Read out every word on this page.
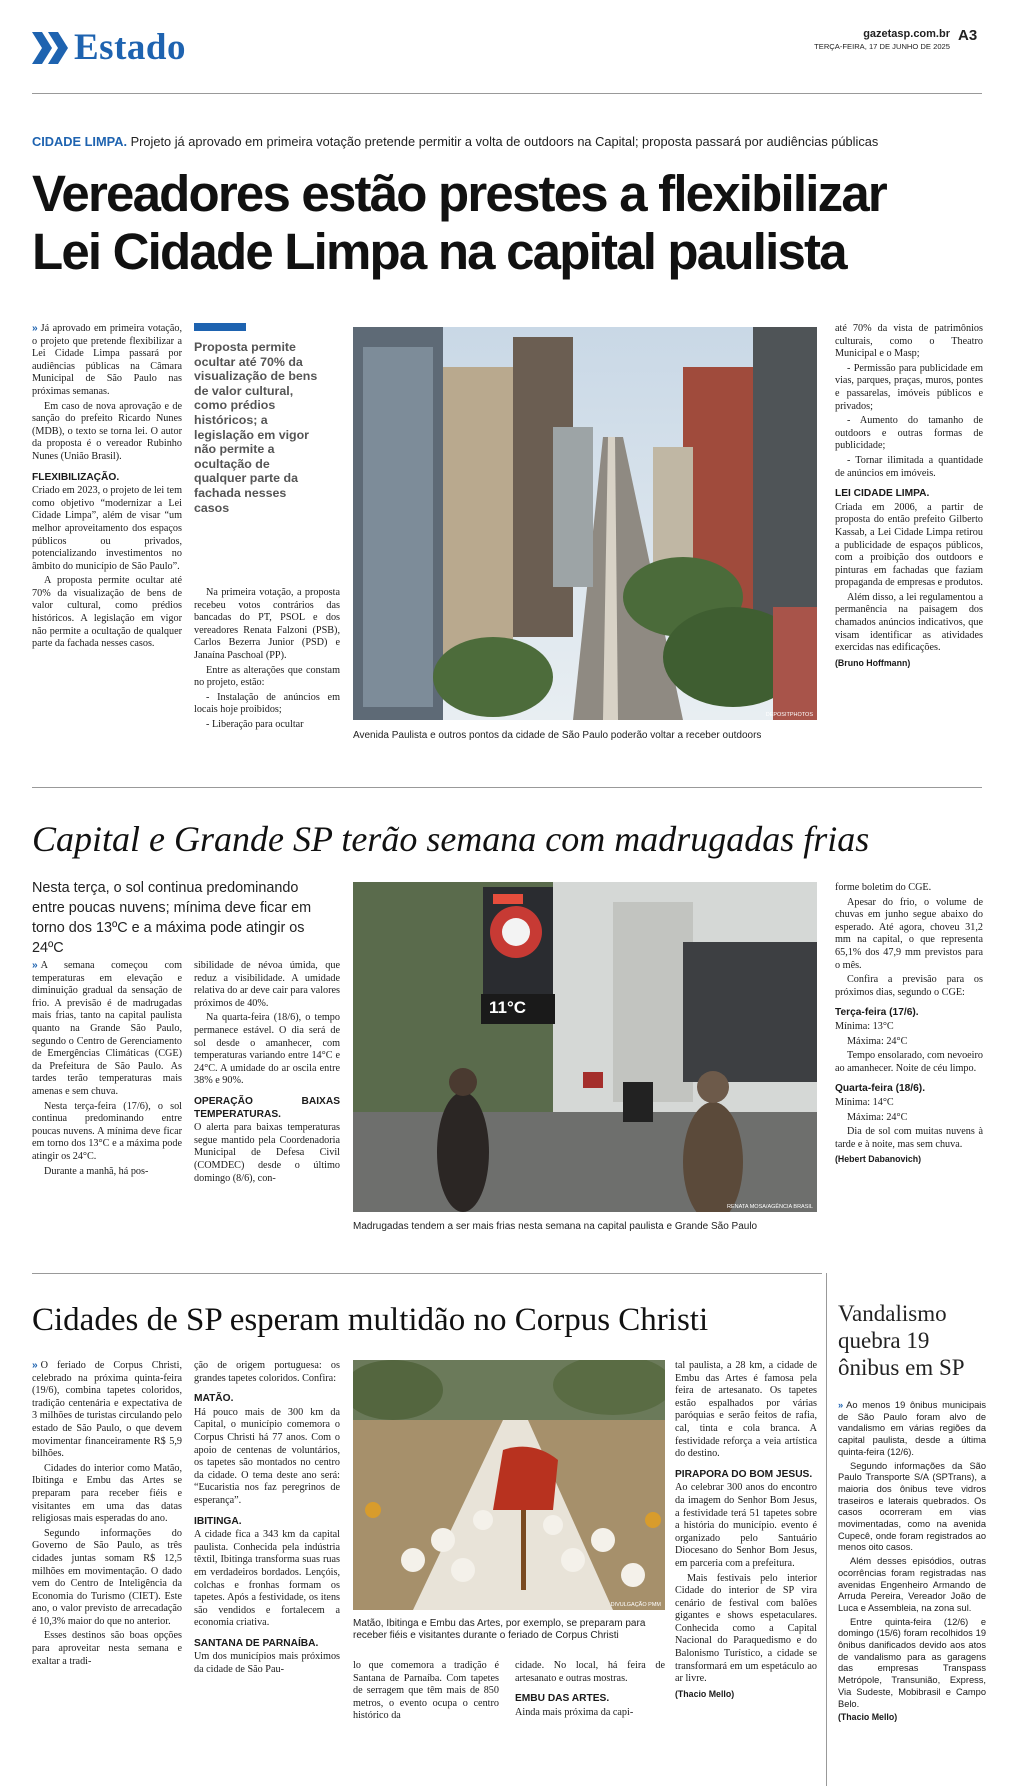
Estado	gazetasp.com.br
TERÇA-FEIRA, 17 DE JUNHO DE 2025
A3
CIDADE LIMPA. Projeto já aprovado em primeira votação pretende permitir a volta de outdoors na Capital; proposta passará por audiências públicas
Vereadores estão prestes a flexibilizar
Lei Cidade Limpa na capital paulista

» Já aprovado em primeira votação, o projeto que pretende flexibilizar a Lei Cidade Limpa passará por audiências públicas na Câmara Municipal de São Paulo nas próximas semanas.

Em caso de nova aprovação e de sanção do prefeito Ricardo Nunes (MDB), o texto se torna lei. O autor da proposta é o vereador Rubinho Nunes (União Brasil).

FLEXIBILIZAÇÃO.

Criado em 2023, o projeto de lei tem como objetivo “modernizar a Lei Cidade Limpa”, além de visar “um melhor aproveitamento dos espaços públicos ou privados, potencializando investimentos no âmbito do município de São Paulo”.

A proposta permite ocultar até 70% da visualização de bens de valor cultural, como prédios históricos. A legislação em vigor não permite a ocultação de qualquer parte da fachada nesses casos.

Proposta permite ocultar até 70% da visualização de bens de valor cultural, como prédios históricos; a legislação em vigor não permite a ocultação de qualquer parte da fachada nesses casos

Na primeira votação, a proposta recebeu votos contrários das bancadas do PT, PSOL e dos vereadores Renata Falzoni (PSB), Carlos Bezerra Junior (PSD) e Janaína Paschoal (PP).

Entre as alterações que constam no projeto, estão:

- Instalação de anúncios em locais hoje proibidos;

- Liberação para ocultar

DEPOSITPHOTOS
Avenida Paulista e outros pontos da cidade de São Paulo poderão voltar a receber outdoors

até 70% da vista de patrimônios culturais, como o Theatro Municipal e o Masp;

- Permissão para publicidade em vias, parques, praças, muros, pontes e passarelas, imóveis públicos e privados;

- Aumento do tamanho de outdoors e outras formas de publicidade;

- Tornar ilimitada a quantidade de anúncios em imóveis.

LEI CIDADE LIMPA.

Criada em 2006, a partir de proposta do então prefeito Gilberto Kassab, a Lei Cidade Limpa retirou a publicidade de espaços públicos, com a proibição dos outdoors e pinturas em fachadas que faziam propaganda de empresas e produtos.

Além disso, a lei regulamentou a permanência na paisagem dos chamados anúncios indicativos, que visam identificar as atividades exercidas nas edificações.

(Bruno Hoffmann)
Capital e Grande SP terão semana com madrugadas frias
Nesta terça, o sol continua predominando entre poucas nuvens; mínima deve ficar em torno dos 13ºC e a máxima pode atingir os 24ºC

» A semana começou com temperaturas em elevação e diminuição gradual da sensação de frio. A previsão é de madrugadas mais frias, tanto na capital paulista quanto na Grande São Paulo, segundo o Centro de Gerenciamento de Emergências Climáticas (CGE) da Prefeitura de São Paulo. As tardes terão temperaturas mais amenas e sem chuva.

Nesta terça-feira (17/6), o sol continua predominando entre poucas nuvens. A mínima deve ficar em torno dos 13°C e a máxima pode atingir os 24°C.

Durante a manhã, há pos-

sibilidade de névoa úmida, que reduz a visibilidade. A umidade relativa do ar deve cair para valores próximos de 40%.

Na quarta-feira (18/6), o tempo permanece estável. O dia será de sol desde o amanhecer, com temperaturas variando entre 14°C e 24°C. A umidade do ar oscila entre 38% e 90%.

OPERAÇÃO BAIXAS TEMPERATURAS.

O alerta para baixas temperaturas segue mantido pela Coordenadoria Municipal de Defesa Civil (COMDEC) desde o último domingo (8/6), con-

11°C
RENATA MOSA/AGÊNCIA BRASIL
Madrugadas tendem a ser mais frias nesta semana na capital paulista e Grande São Paulo

forme boletim do CGE.

Apesar do frio, o volume de chuvas em junho segue abaixo do esperado. Até agora, choveu 31,2 mm na capital, o que representa 65,1% dos 47,9 mm previstos para o mês.

Confira a previsão para os próximos dias, segundo o CGE:

Terça-feira (17/6).

Mínima: 13°C

Máxima: 24°C

Tempo ensolarado, com nevoeiro ao amanhecer. Noite de céu limpo.

Quarta-feira (18/6).

Mínima: 14°C

Máxima: 24°C

Dia de sol com muitas nuvens à tarde e à noite, mas sem chuva.

(Hebert Dabanovich)
Cidades de SP esperam multidão no Corpus Christi

» O feriado de Corpus Christi, celebrado na próxima quinta-feira (19/6), combina tapetes coloridos, tradição centenária e expectativa de 3 milhões de turistas circulando pelo estado de São Paulo, o que devem movimentar financeiramente R$ 5,9 bilhões.

Cidades do interior como Matão, Ibitinga e Embu das Artes se preparam para receber fiéis e visitantes em uma das datas religiosas mais esperadas do ano.

Segundo informações do Governo de São Paulo, as três cidades juntas somam R$ 12,5 milhões em movimentação. O dado vem do Centro de Inteligência da Economia do Turismo (CIET). Este ano, o valor previsto de arrecadação é 10,3% maior do que no anterior.

Esses destinos são boas opções para aproveitar nesta semana e exaltar a tradi-

ção de origem portuguesa: os grandes tapetes coloridos. Confira:

MATÃO.

Há pouco mais de 300 km da Capital, o município comemora o Corpus Christi há 77 anos. Com o apoio de centenas de voluntários, os tapetes são montados no centro da cidade. O tema deste ano será: “Eucaristia nos faz peregrinos de esperança”.

IBITINGA.

A cidade fica a 343 km da capital paulista. Conhecida pela indústria têxtil, Ibitinga transforma suas ruas em verdadeiros bordados. Lençóis, colchas e fronhas formam os tapetes. Após a festividade, os itens são vendidos e fortalecem a economia criativa.

SANTANA DE PARNAÍBA.

Um dos municípios mais próximos da cidade de São Pau-

DIVULGAÇÃO PMM
Matão, Ibitinga e Embu das Artes, por exemplo, se preparam para receber fiéis e visitantes durante o feriado de Corpus Christi

lo que comemora a tradição é Santana de Parnaíba. Com tapetes de serragem que têm mais de 850 metros, o evento ocupa o centro histórico da

cidade. No local, há feira de artesanato e outras mostras.

EMBU DAS ARTES.

Ainda mais próxima da capi-

tal paulista, a 28 km, a cidade de Embu das Artes é famosa pela feira de artesanato. Os tapetes estão espalhados por várias paróquias e serão feitos de rafia, cal, tinta e cola branca. A festividade reforça a veia artística do destino.

PIRAPORA DO BOM JESUS.

Ao celebrar 300 anos do encontro da imagem do Senhor Bom Jesus, a festividade terá 51 tapetes sobre a história do município. evento é organizado pelo Santuário Diocesano do Senhor Bom Jesus, em parceria com a prefeitura.

Mais festivais pelo interior Cidade do interior de SP vira cenário de festival com balões gigantes e shows espetaculares. Conhecida como a Capital Nacional do Paraquedismo e do Balonismo Turístico, a cidade se transformará em um espetáculo ao ar livre.

(Thacio Mello)
Vandalismo quebra 19 ônibus em SP

» Ao menos 19 ônibus municipais de São Paulo foram alvo de vandalismo em várias regiões da capital paulista, desde a última quinta-feira (12/6).

Segundo informações da São Paulo Transporte S/A (SPTrans), a maioria dos ônibus teve vidros traseiros e laterais quebrados. Os casos ocorreram em vias movimentadas, como na avenida Cupecê, onde foram registrados ao menos oito casos.

Além desses episódios, outras ocorrências foram registradas nas avenidas Engenheiro Armando de Arruda Pereira, Vereador João de Luca e Assembleia, na zona sul.

Entre quinta-feira (12/6) e domingo (15/6) foram recolhidos 19 ônibus danificados devido aos atos de vandalismo para as garagens das empresas Transpass Metrópole, Transunião, Express, Via Sudeste, Mobibrasil e Campo Belo.

(Thacio Mello)
